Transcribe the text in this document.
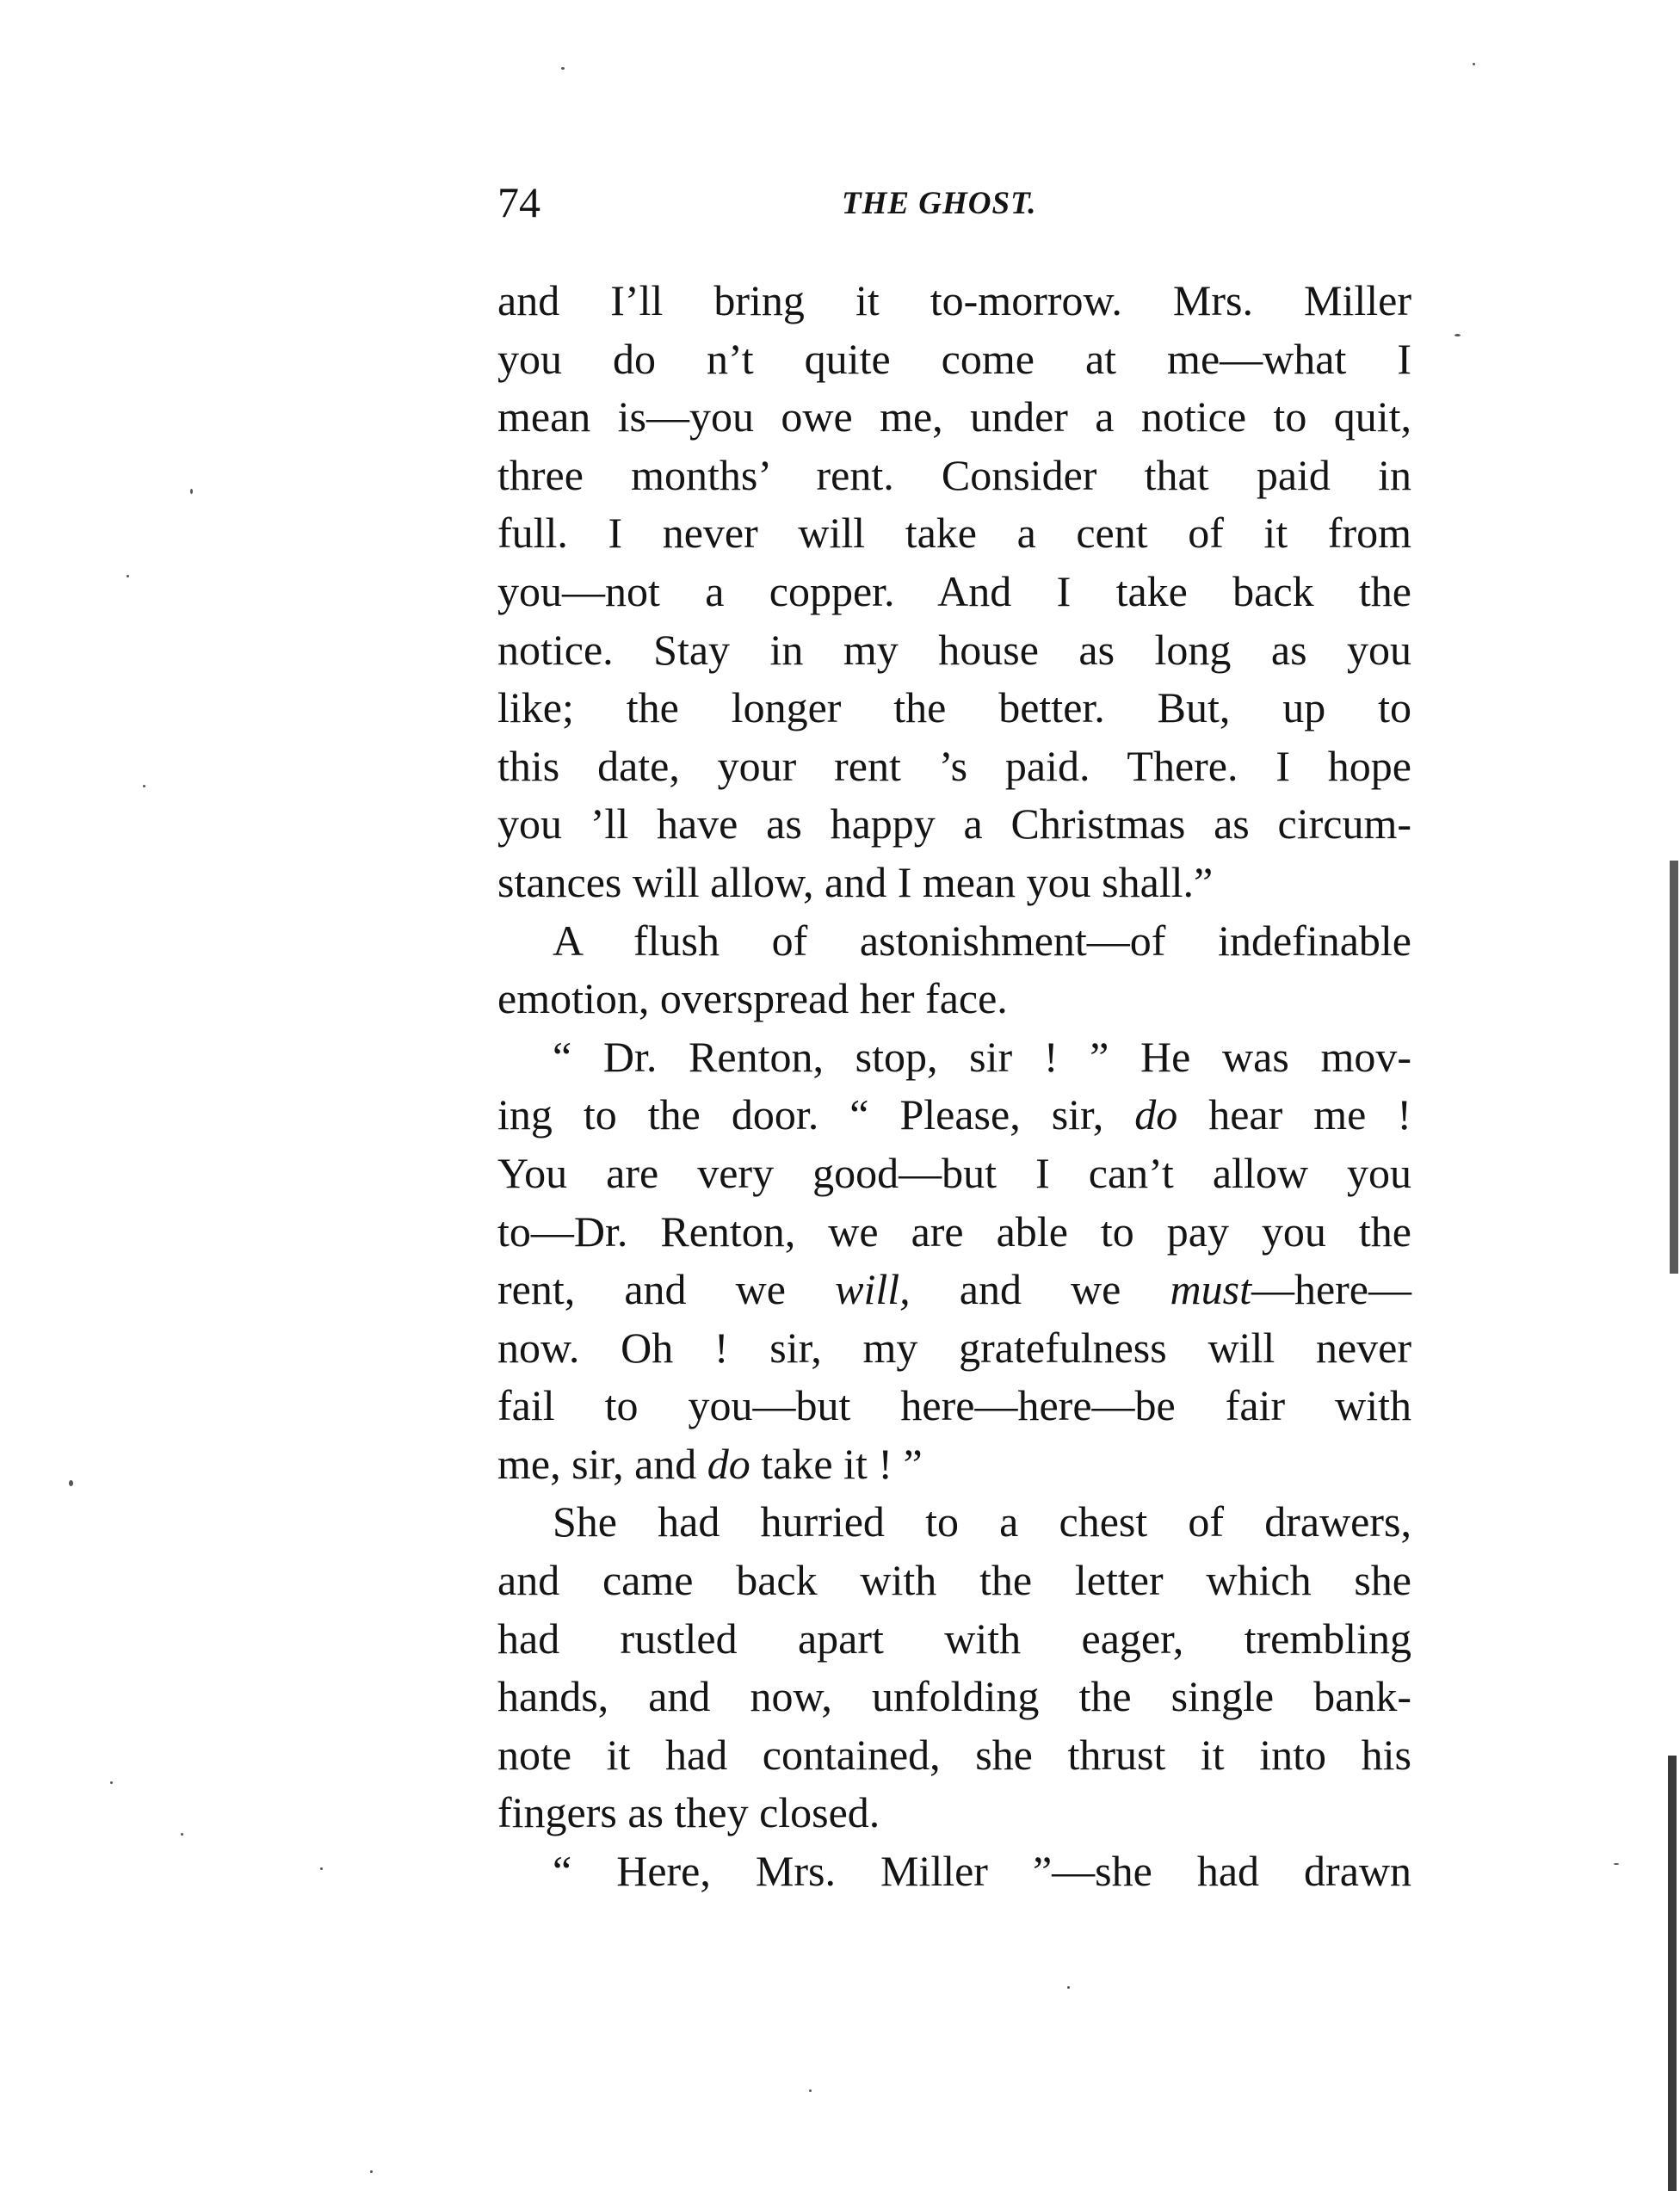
74	THE GHOST.
and I’ll bring it to-morrow. Mrs. Miller
you do n’t quite come at me—what I
mean is—you owe me, under a notice to quit,
three months’ rent. Consider that paid in
full. I never will take a cent of it from
you—not a copper. And I take back the
notice. Stay in my house as long as you
like; the longer the better. But, up to
this date, your rent ’s paid. There. I hope
you ’ll have as happy a Christmas as circum-
stances will allow, and I mean you shall.”
A flush of astonishment—of indefinable
emotion, overspread her face.
“ Dr. Renton, stop, sir ! ” He was mov-
ing to the door. “ Please, sir, do hear me !
You are very good—but I can’t allow you
to—Dr. Renton, we are able to pay you the
rent, and we will, and we must—here—
now. Oh ! sir, my gratefulness will never
fail to you—but here—here—be fair with
me, sir, and do take it ! ”
She had hurried to a chest of drawers,
and came back with the letter which she
had rustled apart with eager, trembling
hands, and now, unfolding the single bank-
note it had contained, she thrust it into his
fingers as they closed.
“ Here, Mrs. Miller ”—she had drawn
